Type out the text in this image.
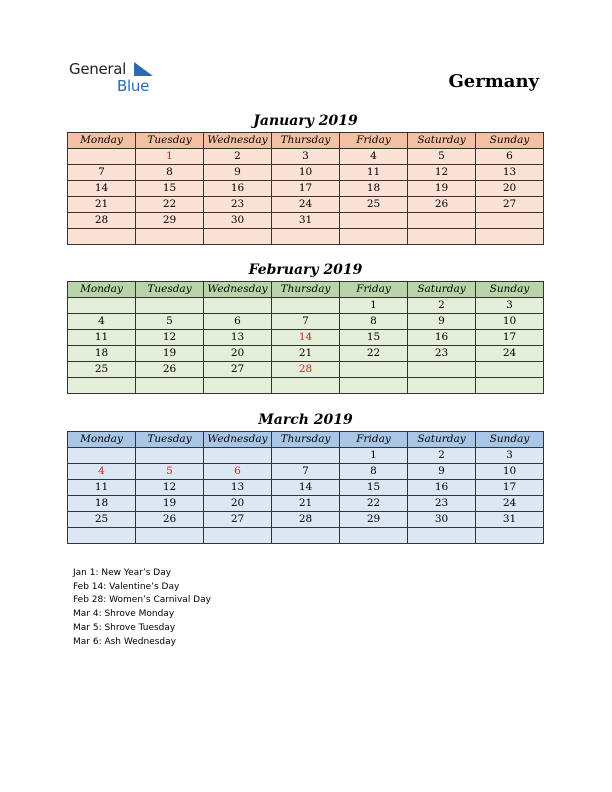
General
Blue	Germany
January 2019
Monday	Tuesday	Wednesday	Thursday	Friday	Saturday	Sunday
	1	2	3	4	5	6
7	8	9	10	11	12	13
14	15	16	17	18	19	20
21	22	23	24	25	26	27
28	29	30	31			

February 2019
Monday	Tuesday	Wednesday	Thursday	Friday	Saturday	Sunday
				1	2	3
4	5	6	7	8	9	10
11	12	13	14	15	16	17
18	19	20	21	22	23	24
25	26	27	28			

March 2019
Monday	Tuesday	Wednesday	Thursday	Friday	Saturday	Sunday
				1	2	3
4	5	6	7	8	9	10
11	12	13	14	15	16	17
18	19	20	21	22	23	24
25	26	27	28	29	30	31

Jan 1: New Year’s Day
Feb 14: Valentine’s Day
Feb 28: Women’s Carnival Day
Mar 4: Shrove Monday
Mar 5: Shrove Tuesday
Mar 6: Ash Wednesday
